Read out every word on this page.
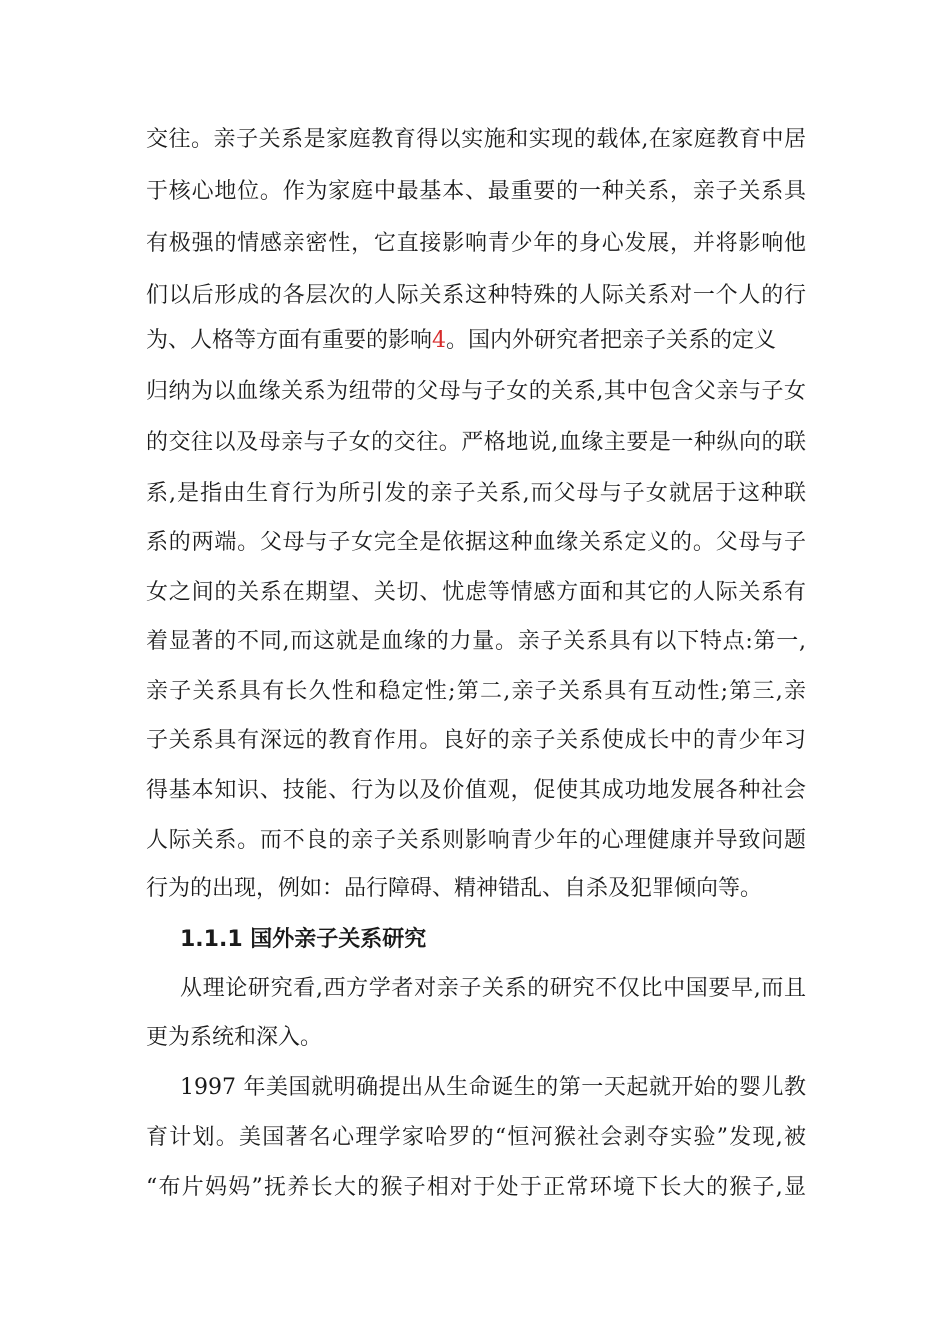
交往。亲子关系是家庭教育得以实施和实现的载体,在家庭教育中居
于核心地位。作为家庭中最基本、最重要的一种关系，亲子关系具
有极强的情感亲密性，它直接影响青少年的身心发展，并将影响他
们以后形成的各层次的人际关系这种特殊的人际关系对一个人的行
为、人格等方面有重要的影响4。国内外研究者把亲子关系的定义
归纳为以血缘关系为纽带的父母与子女的关系,其中包含父亲与子女
的交往以及母亲与子女的交往。严格地说,血缘主要是一种纵向的联
系,是指由生育行为所引发的亲子关系,而父母与子女就居于这种联
系的两端。父母与子女完全是依据这种血缘关系定义的。父母与子
女之间的关系在期望、关切、忧虑等情感方面和其它的人际关系有
着显著的不同,而这就是血缘的力量。亲子关系具有以下特点:第一,
亲子关系具有长久性和稳定性;第二,亲子关系具有互动性;第三,亲
子关系具有深远的教育作用。良好的亲子关系使成长中的青少年习
得基本知识、技能、行为以及价值观，促使其成功地发展各种社会
人际关系。而不良的亲子关系则影响青少年的心理健康并导致问题
行为的出现，例如：品行障碍、精神错乱、自杀及犯罪倾向等。
1.1.1 国外亲子关系研究
从理论研究看,西方学者对亲子关系的研究不仅比中国要早,而且
更为系统和深入。
1997 年美国就明确提出从生命诞生的第一天起就开始的婴儿教
育计划。美国著名心理学家哈罗的“恒河猴社会剥夺实验”发现,被
“布片妈妈”抚养长大的猴子相对于处于正常环境下长大的猴子,显
